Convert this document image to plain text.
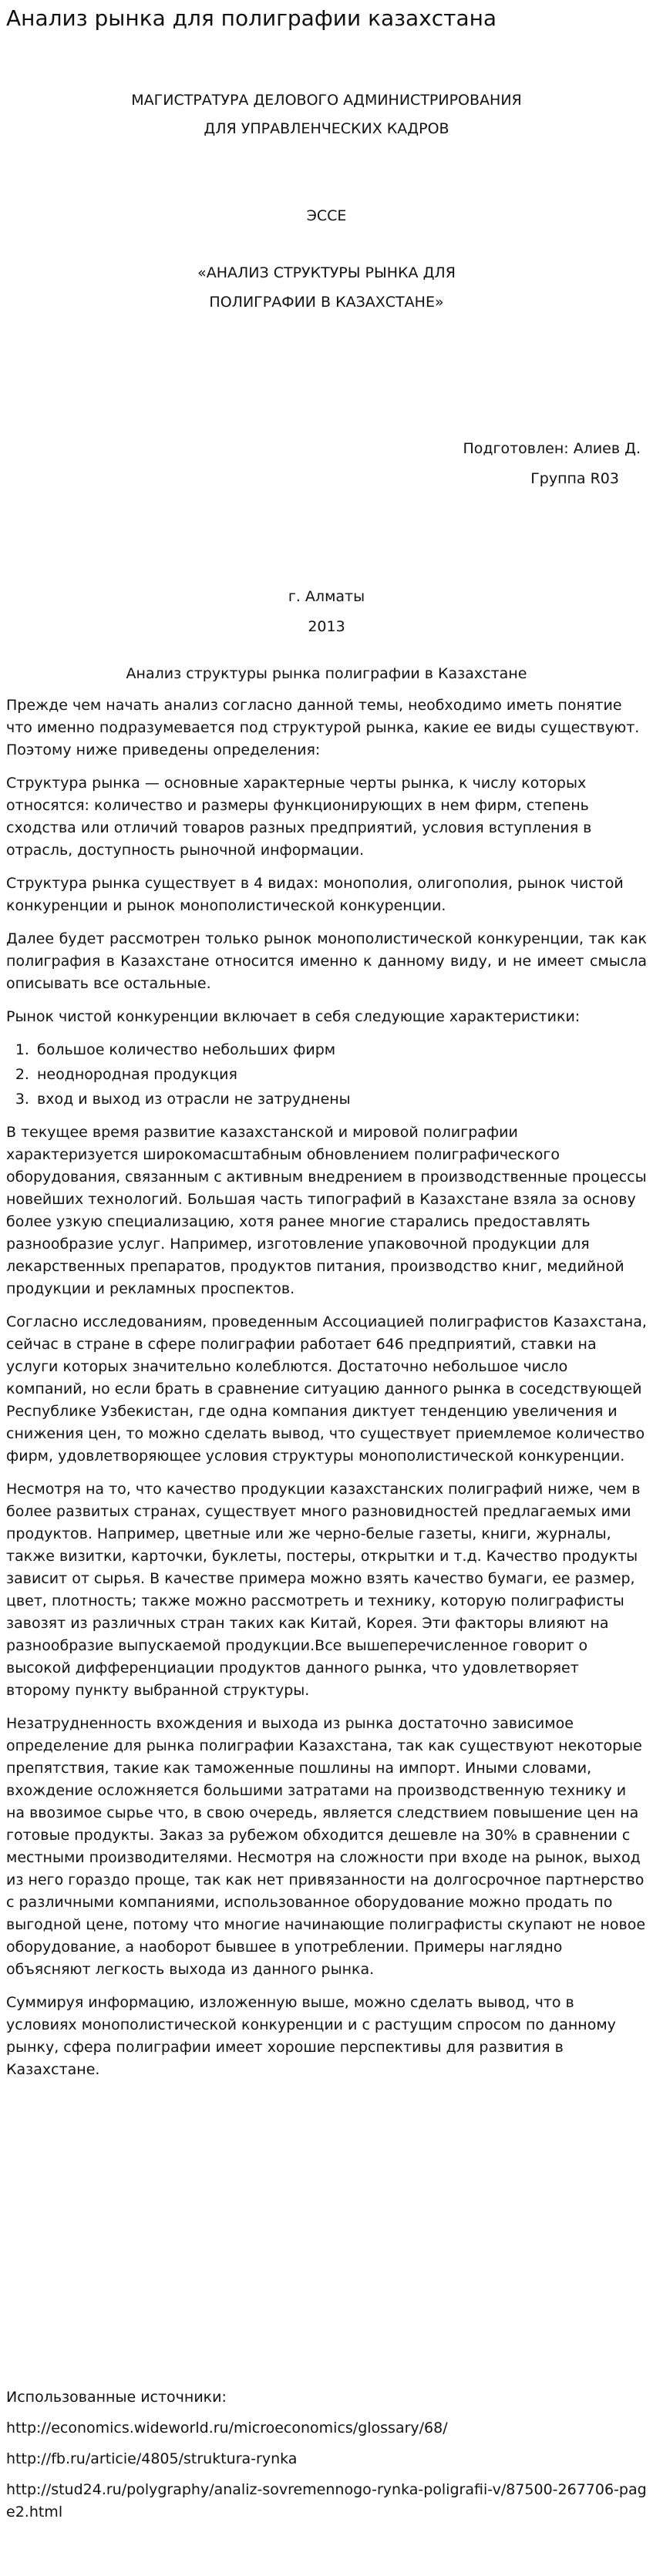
Анализ рынка для полиграфии казахстана

МАГИСТРАТУРА ДЕЛОВОГО АДМИНИСТРИРОВАНИЯ

ДЛЯ УПРАВЛЕНЧЕСКИХ КАДРОВ

ЭССЕ

«АНАЛИЗ СТРУКТУРЫ РЫНКА ДЛЯ

ПОЛИГРАФИИ В КАЗАХСТАНЕ»

Подготовлен: Алиев Д.

Группа R03

г. Алматы

2013

Анализ структуры рынка полиграфии в Казахстане

Прежде чем начать анализ согласно данной темы, необходимо иметь понятие что именно подразумевается под структурой рынка, какие ее виды существуют. Поэтому ниже приведены определения:

Структура рынка — основные характерные черты рынка, к числу которых относятся: количество и размеры функционирующих в нем фирм, степень сходства или отличий товаров разных предприятий, условия вступления в отрасль, доступность рыночной информации.

Структура рынка существует в 4 видах: монополия, олигополия, рынок чистой конкуренции и рынок монополистической конкуренции.

Далее будет рассмотрен только рынок монополистической конкуренции, так как полиграфия в Казахстане относится именно к данному виду, и не имеет смысла описывать все остальные.

Рынок чистой конкуренции включает в себя следующие характеристики:

1. большое количество небольших фирм
2. неоднородная продукция
3. вход и выход из отрасли не затруднены

В текущее время развитие казахстанской и мировой полиграфии характеризуется широкомасштабным обновлением полиграфического оборудования, связанным с активным внедрением в производственные процессы новейших технологий. Большая часть типографий в Казахстане взяла за основу более узкую специализацию, хотя ранее многие старались предоставлять разнообразие услуг. Например, изготовление упаковочной продукции для лекарственных препаратов, продуктов питания, производство книг, медийной продукции и рекламных проспектов.

Согласно исследованиям, проведенным Ассоциацией полиграфистов Казахстана, сейчас в стране в сфере полиграфии работает 646 предприятий, ставки на услуги которых значительно колеблются. Достаточно небольшое число компаний, но если брать в сравнение ситуацию данного рынка в соседствующей Республике Узбекистан, где одна компания диктует тенденцию увеличения и снижения цен, то можно сделать вывод, что существует приемлемое количество фирм, удовлетворяющее условия структуры монополистической конкуренции.

Несмотря на то, что качество продукции казахстанских полиграфий ниже, чем в более развитых странах, существует много разновидностей предлагаемых ими продуктов. Например, цветные или же черно-белые газеты, книги, журналы, также визитки, карточки, буклеты, постеры, открытки и т.д. Качество продукты зависит от сырья. В качестве примера можно взять качество бумаги, ее размер, цвет, плотность; также можно рассмотреть и технику, которую полиграфисты завозят из различных стран таких как Китай, Корея. Эти факторы влияют на разнообразие выпускаемой продукции.Все вышеперечисленное говорит о высокой дифференциации продуктов данного рынка, что удовлетворяет второму пункту выбранной структуры.

Незатрудненность вхождения и выхода из рынка достаточно зависимое определение для рынка полиграфии Казахстана, так как существуют некоторые препятствия, такие как таможенные пошлины на импорт. Иными словами, вхождение осложняется большими затратами на производственную технику и на ввозимое сырье что, в свою очередь, является следствием повышение цен на готовые продукты. Заказ за рубежом обходится дешевле на 30% в сравнении с местными производителями. Несмотря на сложности при входе на рынок, выход из него гораздо проще, так как нет привязанности на долгосрочное партнерство с различными компаниями, использованное оборудование можно продать по выгодной цене, потому что многие начинающие полиграфисты скупают не новое оборудование, а наоборот бывшее в употреблении. Примеры наглядно объясняют легкость выхода из данного рынка.

Суммируя информацию, изложенную выше, можно сделать вывод, что в условиях монополистической конкуренции и с растущим спросом по данному рынку, сфера полиграфии имеет хорошие перспективы для развития в Казахстане.

Использованные источники:

http://economics.wideworld.ru/microeconomics/glossary/68/

http://fb.ru/articie/4805/struktura-rynka

http://stud24.ru/polygraphy/analiz-sovremennogo-rynka-poligrafii-v/87500-267706-page2.html
